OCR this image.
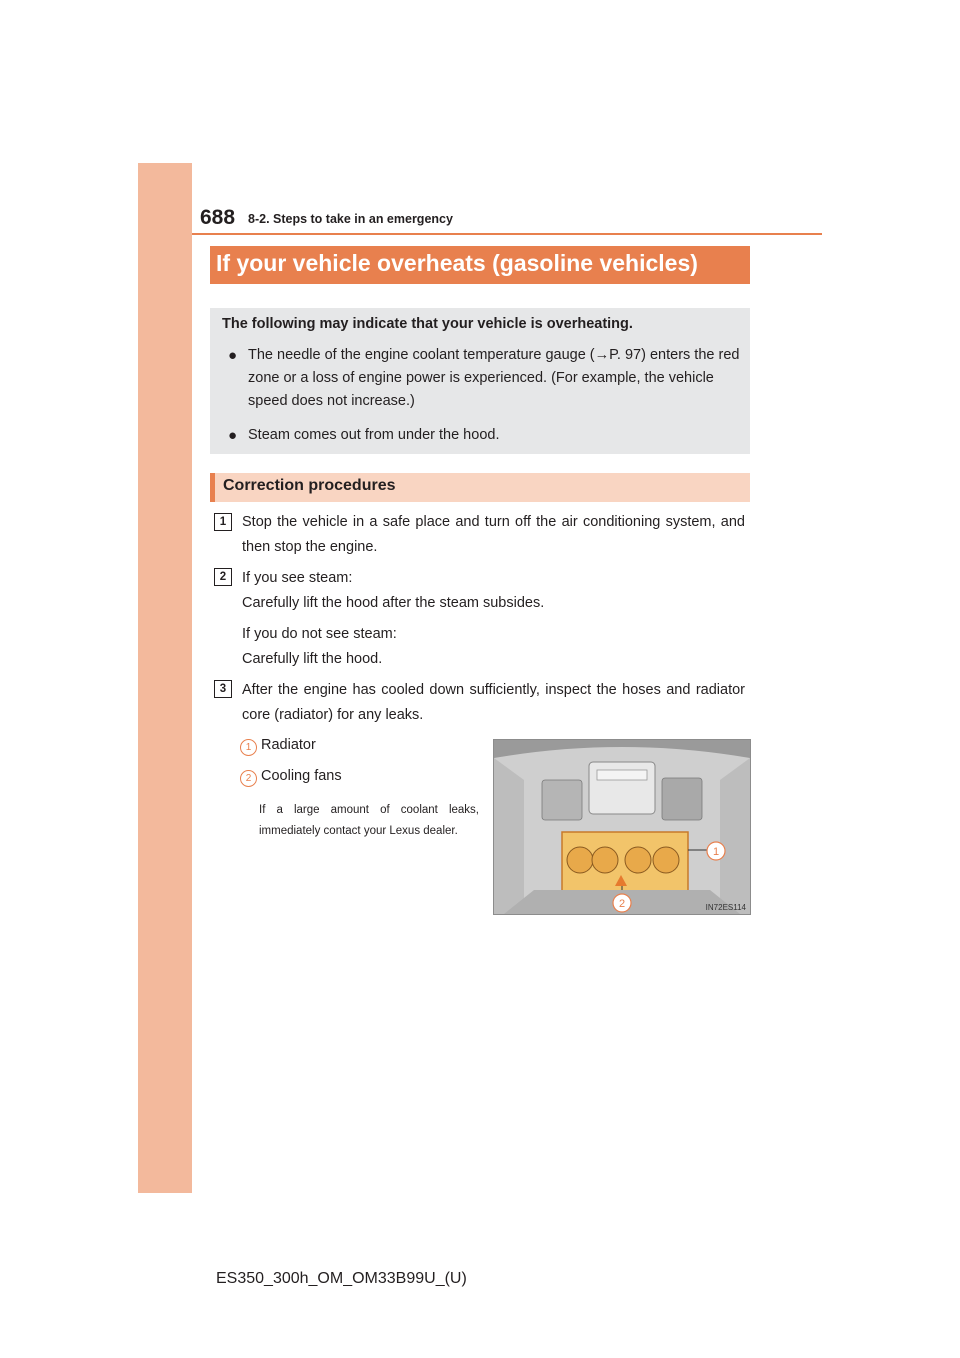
688 8-2. Steps to take in an emergency
If your vehicle overheats (gasoline vehicles)
The following may indicate that your vehicle is overheating.
● The needle of the engine coolant temperature gauge (→P. 97) enters the red zone or a loss of engine power is experienced. (For example, the vehicle speed does not increase.)
● Steam comes out from under the hood.
Correction procedures
1	Stop the vehicle in a safe place and turn off the air conditioning system, and then stop the engine.
2	If you see steam:
Carefully lift the hood after the steam subsides.
If you do not see steam:
Carefully lift the hood.
3	After the engine has cooled down sufficiently, inspect the hoses and radiator core (radiator) for any leaks.
1 Radiator
2 Cooling fans
If a large amount of coolant leaks, immediately contact your Lexus dealer.
1
2	IN72ES114
ES350_300h_OM_OM33B99U_(U)
